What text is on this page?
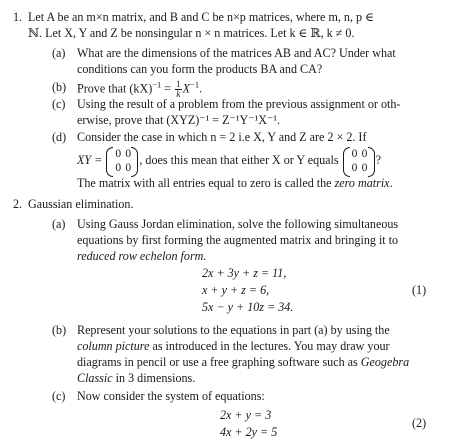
1. Let A be an m×n matrix, and B and C be n×p matrices, where m, n, p ∈
ℕ. Let X, Y and Z be nonsingular n × n matrices. Let k ∈ ℝ, k ≠ 0.
(a) What are the dimensions of the matrices AB and AC? Under what
conditions can you form the products BA and CA?
(b) Prove that $(kX)^{-1} = \frac{1}{k} X^{-1}$.
(c) Using the result of a problem from the previous assignment or oth-
erwise, prove that (XYZ)⁻¹ = Z⁻¹Y⁻¹X⁻¹.
(d) Consider the case in which n = 2 i.e X, Y and Z are 2 × 2. If
XY = 0 0
0 0
, does this mean that either X or Y equals 0 0
0 0
?
The matrix with all entries equal to zero is called the zero matrix.
2. Gaussian elimination.
(a) Using Gauss Jordan elimination, solve the following simultaneous
equations by first forming the augmented matrix and bringing it to
reduced row echelon form.
2x + 3y + z = 11,
x + y + z = 6,
5x − y + 10z = 34.
(1)
(b) Represent your solutions to the equations in part (a) by using the
column picture as introduced in the lectures. You may draw your
diagrams in pencil or use a free graphing software such as Geogebra
Classic in 3 dimensions.
(c) Now consider the system of equations:
2x + y = 3
4x + 2y = 5
(2)
